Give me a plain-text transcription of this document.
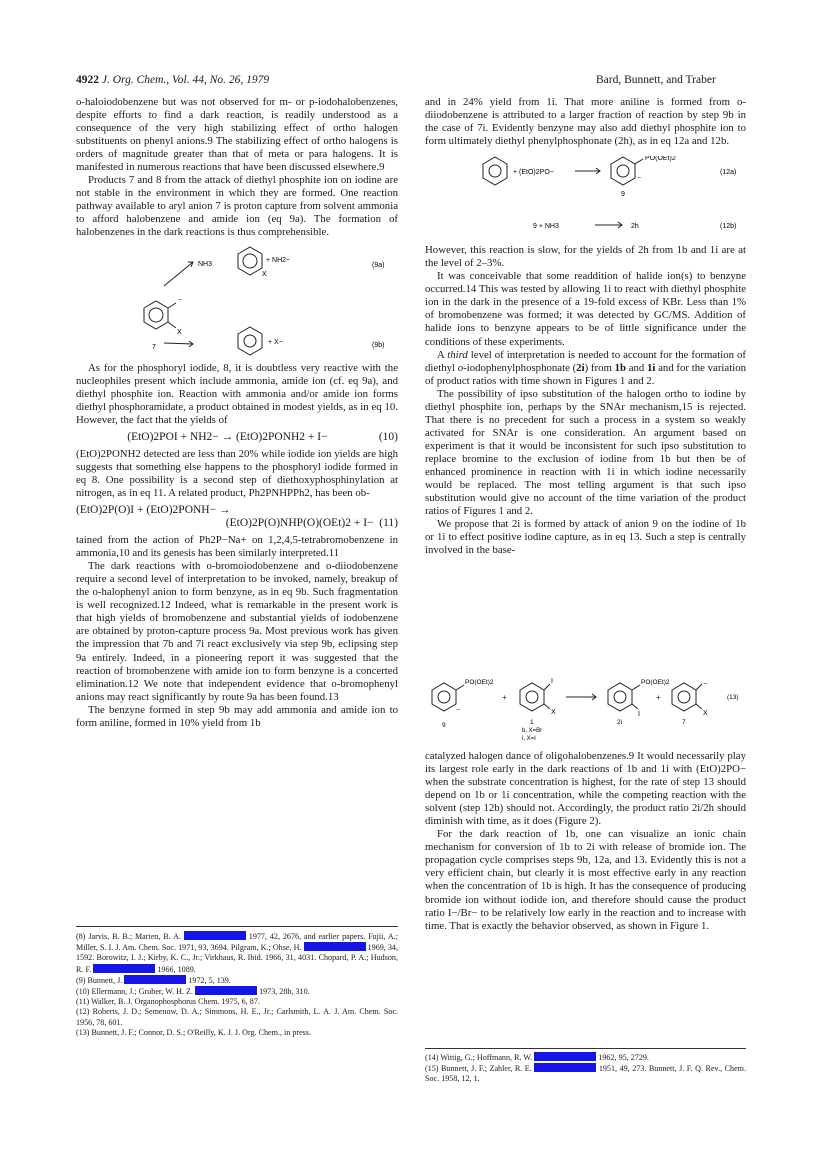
4922 J. Org. Chem., Vol. 44, No. 26, 1979	Bard, Bunnett, and Traber

o-haloiodobenzene but was not observed for m- or p-iodohalobenzenes, despite efforts to find a dark reaction, is readily understood as a consequence of the very high stabilizing effect of ortho halogen substituents on phenyl anions.9 The stabilizing effect of ortho halogens is orders of magnitude greater than that of meta or para halogens. It is manifested in numerous reactions that have been discussed elsewhere.9

Products 7 and 8 from the attack of diethyl phosphite ion on iodine are not stable in the environment in which they are formed. One reaction pathway available to aryl anion 7 is proton capture from solvent ammonia to afford halobenzene and amide ion (eq 9a). The formation of halobenzenes in the dark reactions is thus comprehensible.

NH3
−
X
7
+ NH2−
X
+ X−
(9a)
(9b)

As for the phosphoryl iodide, 8, it is doubtless very reactive with the nucleophiles present which include ammonia, amide ion (cf. eq 9a), and diethyl phosphite ion. Reaction with ammonia and/or amide ion forms diethyl phosphoramidate, a product obtained in modest yields, as in eq 10. However, the fact that the yields of

(EtO)2POI + NH2− → (EtO)2PONH2 + I−	(10)

(EtO)2PONH2 detected are less than 20% while iodide ion yields are high suggests that something else happens to the phosphoryl iodide formed in eq 8. One possibility is a second step of diethoxyphosphinylation at nitrogen, as in eq 11. A related product, Ph2PNHPPh2, has been ob-

(EtO)2P(O)I + (EtO)2PONH− →
(EtO)2P(O)NHP(O)(OEt)2 + I− (11)

tained from the action of Ph2P−Na+ on 1,2,4,5-tetrabromobenzene in ammonia,10 and its genesis has been similarly interpreted.11

The dark reactions with o-bromoiodobenzene and o-diiodobenzene require a second level of interpretation to be invoked, namely, breakup of the o-halophenyl anion to form benzyne, as in eq 9b. Such fragmentation is well recognized.12 Indeed, what is remarkable in the present work is that high yields of bromobenzene and substantial yields of iodobenzene are obtained by proton-capture process 9a. Most previous work has given the impression that 7b and 7i react exclusively via step 9b, eclipsing step 9a entirely. Indeed, in a pioneering report it was suggested that the reaction of bromobenzene with amide ion to form benzyne is a concerted elimination.12 We note that independent evidence that o-bromophenyl anions may react significantly by route 9a has been found.13

The benzyne formed in step 9b may add ammonia and amide ion to form aniline, formed in 10% yield from 1b

(8) Jarvis, B. B.; Marien, B. A.	1977, 42, 2676, and earlier papers. Fujii, A.; Miller, S. I. J. Am. Chem. Soc. 1971, 93, 3694. Pilgram, K.; Ohse, H.	1969, 34, 1592. Borowitz, I. J.; Kirby, K. C., Jr.; Virkhaus, R. Ibid. 1966, 31, 4031. Chopard, P. A.; Hudson, R. F.	1966, 1089.
(9) Bunnett, J.	1972, 5, 139.
(10) Ellermann, J.; Gruber, W. H. Z.	1973, 28b, 310.
(11) Walker, B. J. Organophosphorus Chem. 1975, 6, 87.
(12) Roberts, J. D.; Semenow, D. A.; Simmons, H. E., Jr.; Carlsmith, L. A. J. Am. Chem. Soc. 1956, 78, 601.
(13) Bunnett, J. F.; Connor, D. S.; O'Reilly, K. J. J. Org. Chem., in press.

and in 24% yield from 1i. That more aniline is formed from o-diiodobenzene is attributed to a larger fraction of reaction by step 9b in the case of 7i. Evidently benzyne may also add diethyl phosphite ion to form ultimately diethyl phenylphosphonate (2h), as in eq 12a and 12b.

+ (EtO)2PO−
PO(OEt)2
−
9
(12a)
9 + NH3	2h	(12b)

However, this reaction is slow, for the yields of 2h from 1b and 1i are at the level of 2–3%.

It was conceivable that some readdition of halide ion(s) to benzyne occurred.14 This was tested by allowing 1i to react with diethyl phosphite ion in the dark in the presence of a 19-fold excess of KBr. Less than 1% of bromobenzene was formed; it was detected by GC/MS. Addition of halide ions to benzyne appears to be of little significance under the conditions of these experiments.

A third level of interpretation is needed to account for the formation of diethyl o-iodophenylphosphonate (2i) from 1b and 1i and for the variation of product ratios with time shown in Figures 1 and 2.

The possibility of ipso substitution of the halogen ortho to iodine by diethyl phosphite ion, perhaps by the SNAr mechanism,15 is rejected. That there is no precedent for such a process in a system so weakly activated for SNAr is one consideration. An argument based on experiment is that it would be inconsistent for such ipso substitution to replace bromine to the exclusion of iodine from 1b but then be of enhanced prominence in reaction with 1i in which iodine necessarily would be replaced. The most telling argument is that such ipso substitution would give no account of the time variation of the product ratios of Figures 1 and 2.

We propose that 2i is formed by attack of anion 9 on the iodine of 1b or 1i to effect positive iodine capture, as in eq 13. Such a step is centrally involved in the base-

PO(OEt)2
−
+
I
X
PO(OEt)2
I
+
−
X
(13)
9	1
b, X=Br
i, X=I
2i	7

catalyzed halogen dance of oligohalobenzenes.9 It would necessarily play its largest role early in the dark reactions of 1b and 1i with (EtO)2PO− when the substrate concentration is highest, for the rate of step 13 should depend on 1b or 1i concentration, while the competing reaction with the solvent (step 12b) should not. Accordingly, the product ratio 2i/2h should diminish with time, as it does (Figure 2).

For the dark reaction of 1b, one can visualize an ionic chain mechanism for conversion of 1b to 2i with release of bromide ion. The propagation cycle comprises steps 9b, 12a, and 13. Evidently this is not a very efficient chain, but clearly it is most effective early in any reaction when the concentration of 1b is high. It has the consequence of producing bromide ion without iodide ion, and therefore should cause the product ratio I−/Br− to be relatively low early in the reaction and to increase with time. That is exactly the behavior observed, as shown in Figure 1.

(14) Wittig, G.; Hoffmann, R. W.	1962, 95, 2729.
(15) Bunnett, J. F.; Zahler, R. E.	1951, 49, 273. Bunnett, J. F. Q. Rev., Chem. Soc. 1958, 12, 1.
